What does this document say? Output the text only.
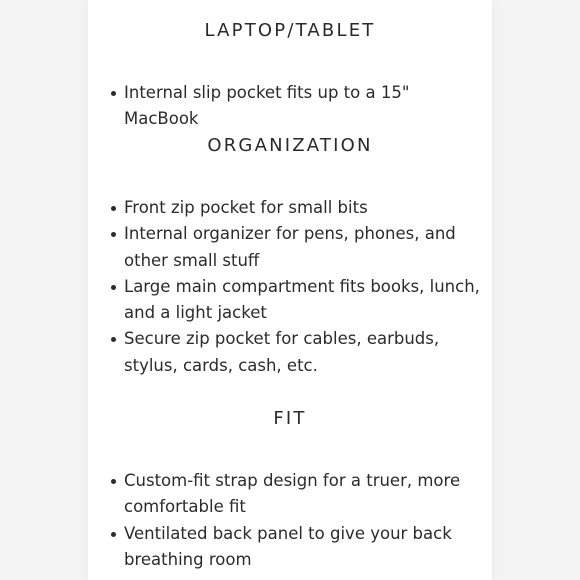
LAPTOP/TABLET
Internal slip pocket fits up to a 15" MacBook
ORGANIZATION
Front zip pocket for small bits
Internal organizer for pens, phones, and other small stuff
Large main compartment fits books, lunch, and a light jacket
Secure zip pocket for cables, earbuds, stylus, cards, cash, etc.
FIT
Custom-fit strap design for a truer, more comfortable fit
Ventilated back panel to give your back breathing room
